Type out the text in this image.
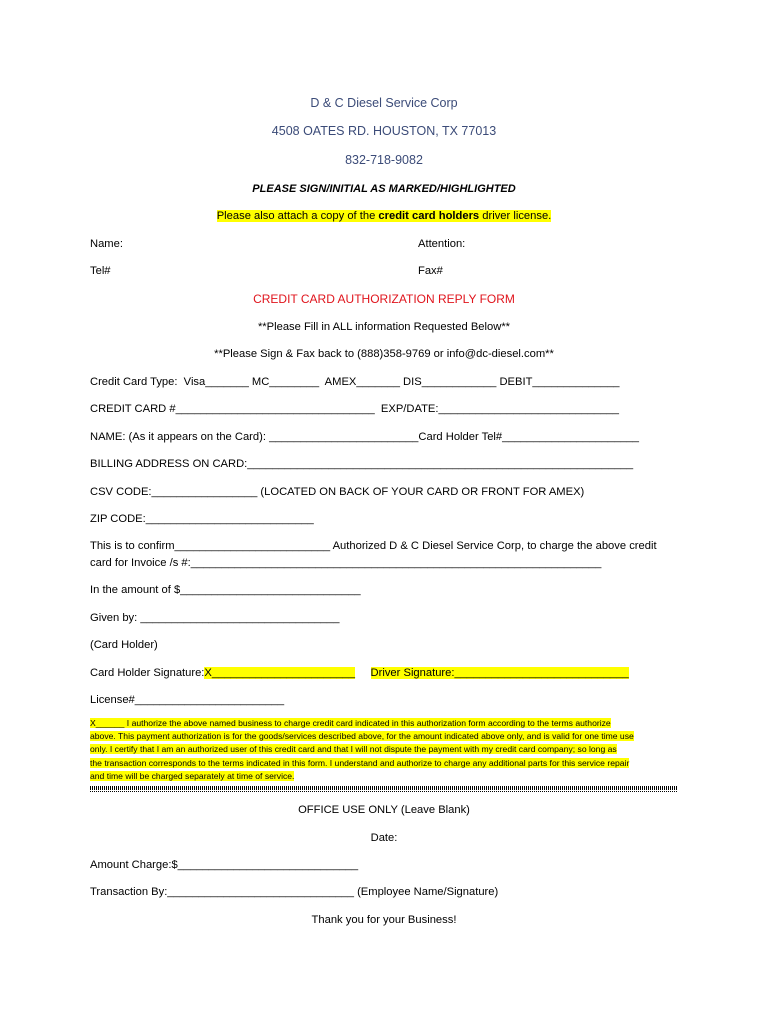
D & C Diesel Service Corp
4508 OATES RD. HOUSTON, TX 77013
832-718-9082
PLEASE SIGN/INITIAL AS MARKED/HIGHLIGHTED
Please also attach a copy of the credit card holders driver license.
Name:	Attention:
Tel#	Fax#
CREDIT CARD AUTHORIZATION REPLY FORM
**Please Fill in ALL information Requested Below**
**Please Sign & Fax back to (888)358-9769 or info@dc-diesel.com**
Credit Card Type:  Visa_______ MC________  AMEX_______ DIS____________ DEBIT______________
CREDIT CARD #________________________________  EXP/DATE:_____________________________
NAME: (As it appears on the Card): ________________________Card Holder Tel#______________________
BILLING ADDRESS ON CARD:______________________________________________________________
CSV CODE:_________________ (LOCATED ON BACK OF YOUR CARD OR FRONT FOR AMEX)
ZIP CODE:___________________________
This is to confirm_________________________ Authorized D & C Diesel Service Corp, to charge the above credit
card for Invoice /s #:__________________________________________________________________
In the amount of $_____________________________
Given by: ________________________________
(Card Holder)
Card Holder Signature:X_______________________ Driver Signature:____________________________
License#________________________
X______ I authorize the above named business to charge credit card indicated in this authorization form according to the terms authorize
above. This payment authorization is for the goods/services described above, for the amount indicated above only, and is valid for one time use
only. I certify that I am an authorized user of this credit card and that I will not dispute the payment with my credit card company; so long as
the transaction corresponds to the terms indicated in this form. I understand and authorize to charge any additional parts for this service repair
and time will be charged separately at time of service.
OFFICE USE ONLY (Leave Blank)
Date:
Amount Charge:$_____________________________
Transaction By:______________________________ (Employee Name/Signature)
Thank you for your Business!
